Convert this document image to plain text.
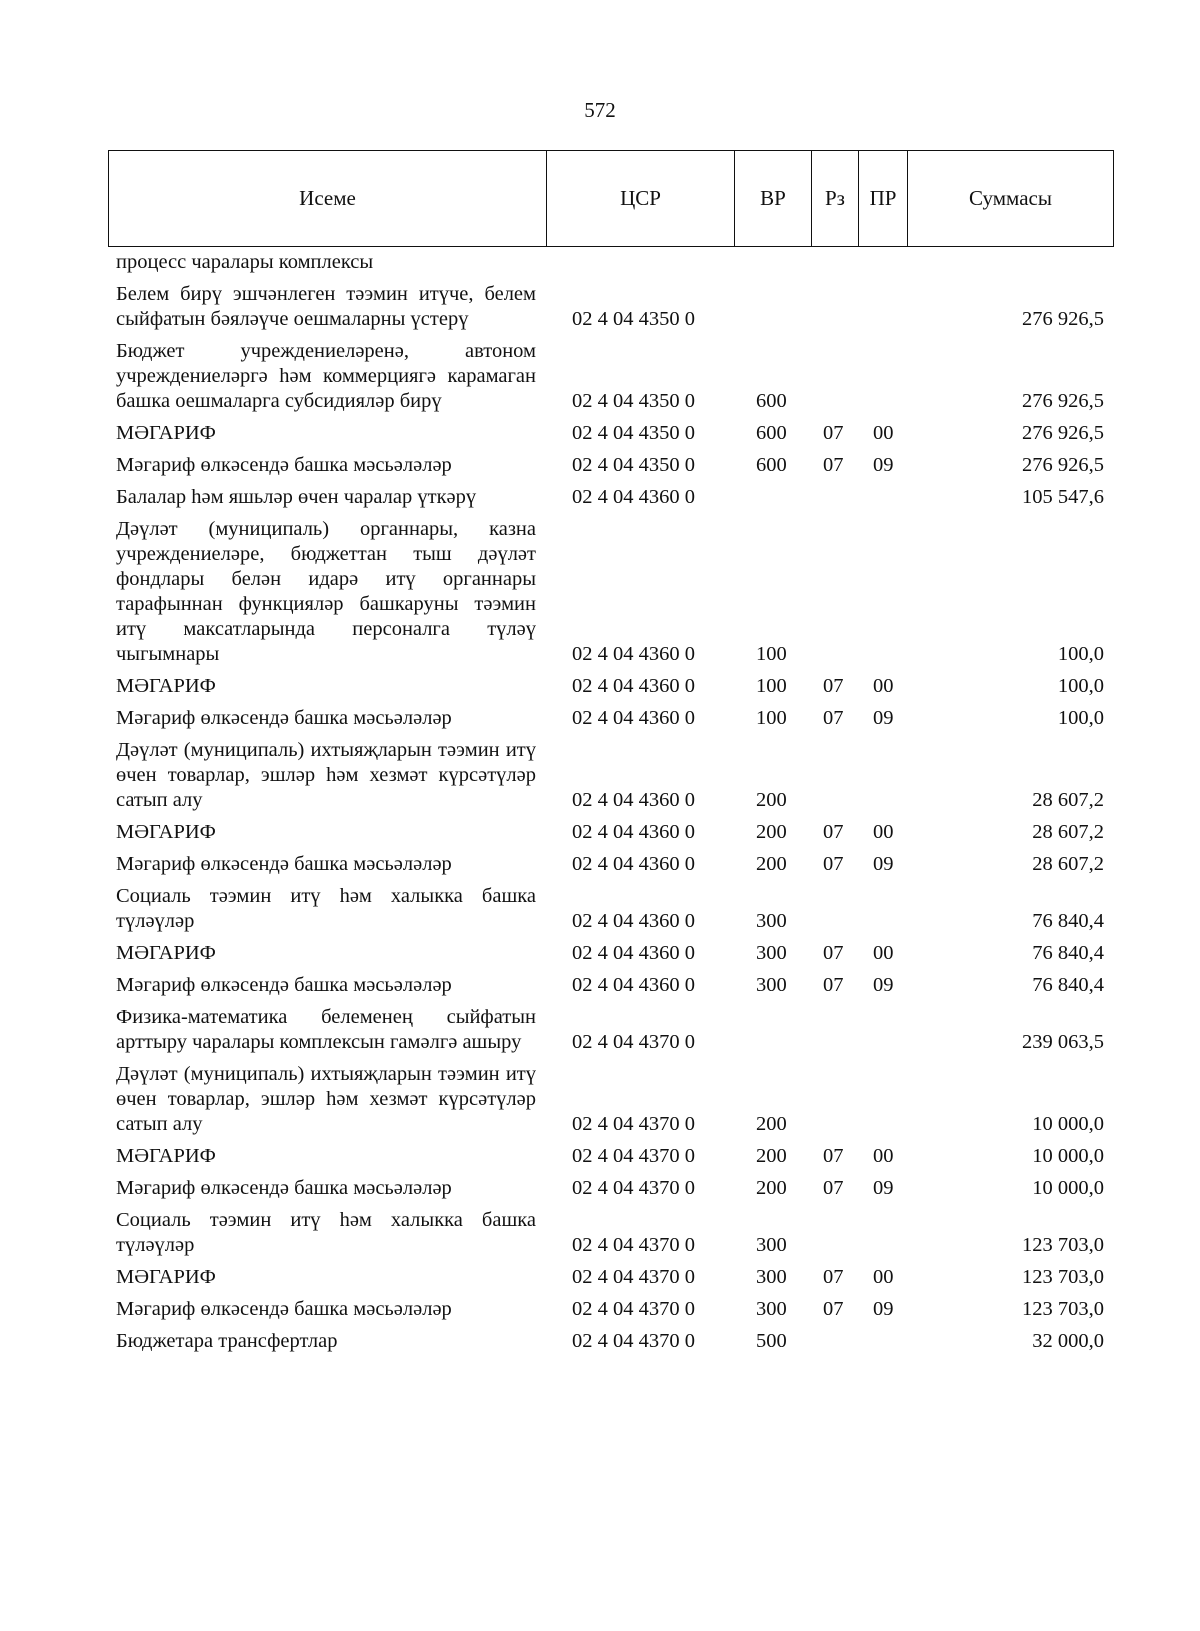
572
Исеме	ЦСР	ВР	Рз	ПР	Суммасы
процесс чаралары комплексы					
Белем бирү эшчәнлеген тәэмин итүче, белем сыйфатын бәяләүче оешмаларны үстерү	02 4 04 4350 0				276 926,5
Бюджет учреждениеләренә, автоном учреждениеләргә һәм коммерциягә карамаган башка оешмаларга субсидияләр бирү	02 4 04 4350 0	600			276 926,5
МӘГАРИФ	02 4 04 4350 0	600	07	00	276 926,5
Мәгариф өлкәсендә башка мәсьәләләр	02 4 04 4350 0	600	07	09	276 926,5
Балалар һәм яшьләр өчен чаралар үткәрү	02 4 04 4360 0				105 547,6
Дәүләт (муниципаль) органнары, казна учреждениеләре, бюджеттан тыш дәүләт фондлары белән идарә итү органнары тарафыннан функцияләр башкаруны тәэмин итү максатларында персоналга түләү чыгымнары	02 4 04 4360 0	100			100,0
МӘГАРИФ	02 4 04 4360 0	100	07	00	100,0
Мәгариф өлкәсендә башка мәсьәләләр	02 4 04 4360 0	100	07	09	100,0
Дәүләт (муниципаль) ихтыяҗларын тәэмин итү өчен товарлар, эшләр һәм хезмәт күрсәтүләр сатып алу	02 4 04 4360 0	200			28 607,2
МӘГАРИФ	02 4 04 4360 0	200	07	00	28 607,2
Мәгариф өлкәсендә башка мәсьәләләр	02 4 04 4360 0	200	07	09	28 607,2
Социаль тәэмин итү һәм халыкка башка түләүләр	02 4 04 4360 0	300			76 840,4
МӘГАРИФ	02 4 04 4360 0	300	07	00	76 840,4
Мәгариф өлкәсендә башка мәсьәләләр	02 4 04 4360 0	300	07	09	76 840,4
Физика-математика белеменең сыйфатын арттыру чаралары комплексын гамәлгә ашыру	02 4 04 4370 0				239 063,5
Дәүләт (муниципаль) ихтыяҗларын тәэмин итү өчен товарлар, эшләр һәм хезмәт күрсәтүләр сатып алу	02 4 04 4370 0	200			10 000,0
МӘГАРИФ	02 4 04 4370 0	200	07	00	10 000,0
Мәгариф өлкәсендә башка мәсьәләләр	02 4 04 4370 0	200	07	09	10 000,0
Социаль тәэмин итү һәм халыкка башка түләүләр	02 4 04 4370 0	300			123 703,0
МӘГАРИФ	02 4 04 4370 0	300	07	00	123 703,0
Мәгариф өлкәсендә башка мәсьәләләр	02 4 04 4370 0	300	07	09	123 703,0
Бюджетара трансфертлар	02 4 04 4370 0	500			32 000,0
